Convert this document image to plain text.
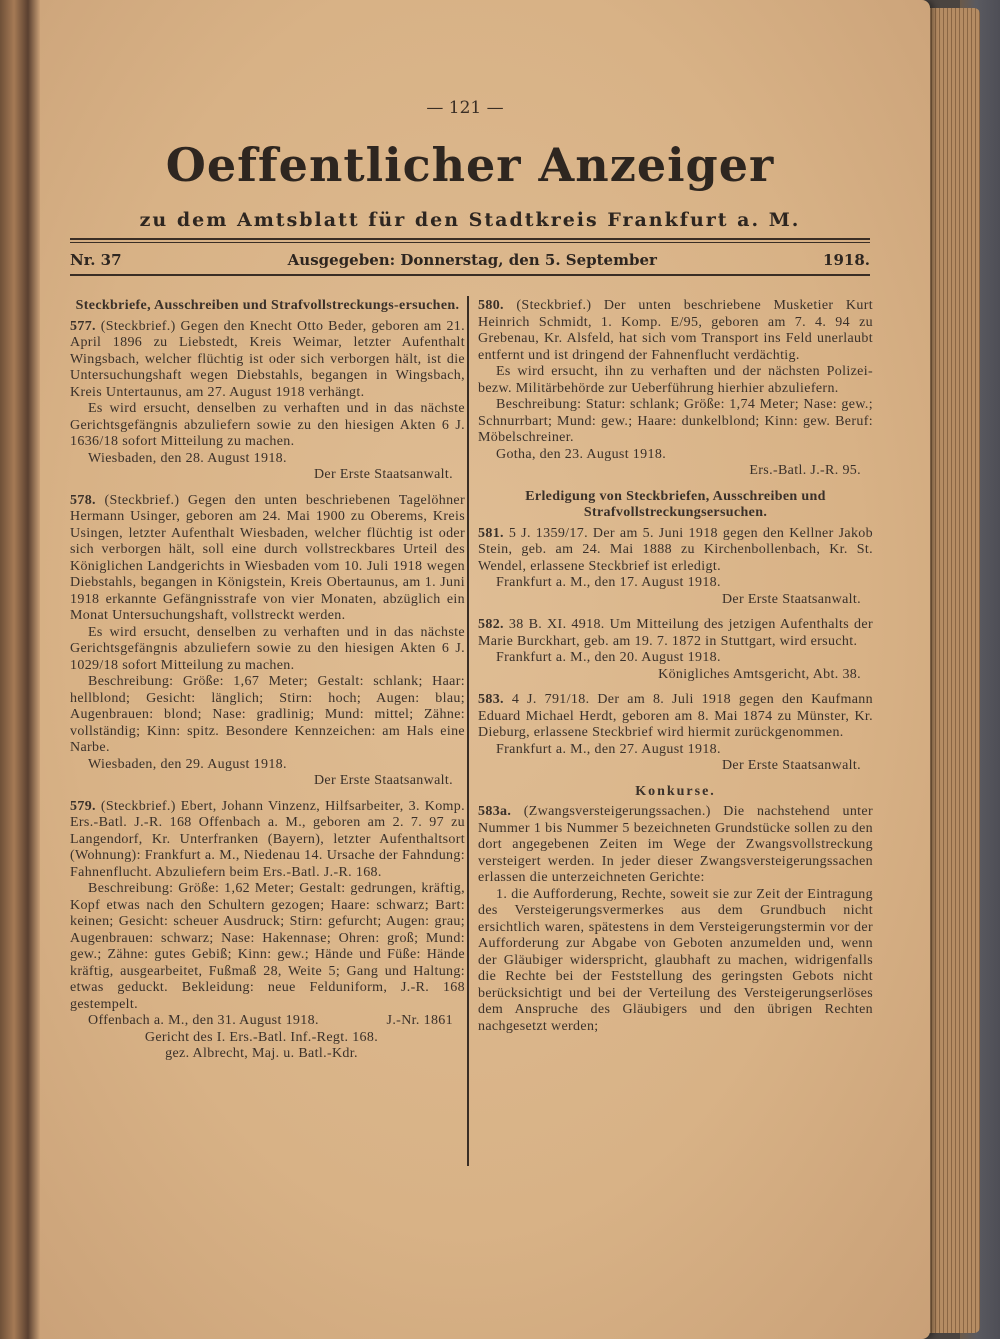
— 121 —
Oeffentlicher Anzeiger
zu dem Amtsblatt für den Stadtkreis Frankfurt a. M.
Nr. 37	Ausgegeben: Donnerstag, den 5. September	1918.

Steckbriefe, Ausschreiben und Strafvollstreckungs-ersuchen.

577. (Steckbrief.) Gegen den Knecht Otto Beder, geboren am 21. April 1896 zu Liebstedt, Kreis Weimar, letzter Aufenthalt Wingsbach, welcher flüchtig ist oder sich verborgen hält, ist die Untersuchungshaft wegen Diebstahls, begangen in Wingsbach, Kreis Untertaunus, am 27. August 1918 verhängt.

Es wird ersucht, denselben zu verhaften und in das nächste Gerichtsgefängnis abzuliefern sowie zu den hiesigen Akten 6 J. 1636/18 sofort Mitteilung zu machen.

Wiesbaden, den 28. August 1918.

Der Erste Staatsanwalt.

578. (Steckbrief.) Gegen den unten beschriebenen Tagelöhner Hermann Usinger, geboren am 24. Mai 1900 zu Oberems, Kreis Usingen, letzter Aufenthalt Wiesbaden, welcher flüchtig ist oder sich verborgen hält, soll eine durch vollstreckbares Urteil des Königlichen Landgerichts in Wiesbaden vom 10. Juli 1918 wegen Diebstahls, begangen in Königstein, Kreis Obertaunus, am 1. Juni 1918 erkannte Gefängnisstrafe von vier Monaten, abzüglich ein Monat Untersuchungshaft, vollstreckt werden.

Es wird ersucht, denselben zu verhaften und in das nächste Gerichtsgefängnis abzuliefern sowie zu den hiesigen Akten 6 J. 1029/18 sofort Mitteilung zu machen.

Beschreibung: Größe: 1,67 Meter; Gestalt: schlank; Haar: hellblond; Gesicht: länglich; Stirn: hoch; Augen: blau; Augenbrauen: blond; Nase: gradlinig; Mund: mittel; Zähne: vollständig; Kinn: spitz. Besondere Kennzeichen: am Hals eine Narbe.

Wiesbaden, den 29. August 1918.

Der Erste Staatsanwalt.

579. (Steckbrief.) Ebert, Johann Vinzenz, Hilfsarbeiter, 3. Komp. Ers.-Batl. J.-R. 168 Offenbach a. M., geboren am 2. 7. 97 zu Langendorf, Kr. Unterfranken (Bayern), letzter Aufenthaltsort (Wohnung): Frankfurt a. M., Niedenau 14. Ursache der Fahndung: Fahnenflucht. Abzuliefern beim Ers.-Batl. J.-R. 168.

Beschreibung: Größe: 1,62 Meter; Gestalt: gedrungen, kräftig, Kopf etwas nach den Schultern gezogen; Haare: schwarz; Bart: keinen; Gesicht: scheuer Ausdruck; Stirn: gefurcht; Augen: grau; Augenbrauen: schwarz; Nase: Hakennase; Ohren: groß; Mund: gew.; Zähne: gutes Gebiß; Kinn: gew.; Hände und Füße: Hände kräftig, ausgearbeitet, Fußmaß 28, Weite 5; Gang und Haltung: etwas geduckt. Bekleidung: neue Felduniform, J.-R. 168 gestempelt.

Offenbach a. M., den 31. August 1918.	J.-Nr. 1861

Gericht des I. Ers.-Batl. Inf.-Regt. 168.

gez. Albrecht, Maj. u. Batl.-Kdr.

580. (Steckbrief.) Der unten beschriebene Musketier Kurt Heinrich Schmidt, 1. Komp. E/95, geboren am 7. 4. 94 zu Grebenau, Kr. Alsfeld, hat sich vom Transport ins Feld unerlaubt entfernt und ist dringend der Fahnenflucht verdächtig.

Es wird ersucht, ihn zu verhaften und der nächsten Polizei- bezw. Militärbehörde zur Ueberführung hierhier abzuliefern.

Beschreibung: Statur: schlank; Größe: 1,74 Meter; Nase: gew.; Schnurrbart; Mund: gew.; Haare: dunkelblond; Kinn: gew. Beruf: Möbelschreiner.

Gotha, den 23. August 1918.

Ers.-Batl. J.-R. 95.

Erledigung von Steckbriefen, Ausschreiben und Strafvollstreckungsersuchen.

581. 5 J. 1359/17. Der am 5. Juni 1918 gegen den Kellner Jakob Stein, geb. am 24. Mai 1888 zu Kirchenbollenbach, Kr. St. Wendel, erlassene Steckbrief ist erledigt.

Frankfurt a. M., den 17. August 1918.

Der Erste Staatsanwalt.

582. 38 B. XI. 4918. Um Mitteilung des jetzigen Aufenthalts der Marie Burckhart, geb. am 19. 7. 1872 in Stuttgart, wird ersucht.

Frankfurt a. M., den 20. August 1918.

Königliches Amtsgericht, Abt. 38.

583. 4 J. 791/18. Der am 8. Juli 1918 gegen den Kaufmann Eduard Michael Herdt, geboren am 8. Mai 1874 zu Münster, Kr. Dieburg, erlassene Steckbrief wird hiermit zurückgenommen.

Frankfurt a. M., den 27. August 1918.

Der Erste Staatsanwalt.

Konkurse.

583a. (Zwangsversteigerungssachen.) Die nachstehend unter Nummer 1 bis Nummer 5 bezeichneten Grundstücke sollen zu den dort angegebenen Zeiten im Wege der Zwangsvollstreckung versteigert werden. In jeder dieser Zwangsversteigerungssachen erlassen die unterzeichneten Gerichte:

1. die Aufforderung, Rechte, soweit sie zur Zeit der Eintragung des Versteigerungsvermerkes aus dem Grundbuch nicht ersichtlich waren, spätestens in dem Versteigerungstermin vor der Aufforderung zur Abgabe von Geboten anzumelden und, wenn der Gläubiger widerspricht, glaubhaft zu machen, widrigenfalls die Rechte bei der Feststellung des geringsten Gebots nicht berücksichtigt und bei der Verteilung des Versteigerungserlöses dem Anspruche des Gläubigers und den übrigen Rechten nachgesetzt werden;
